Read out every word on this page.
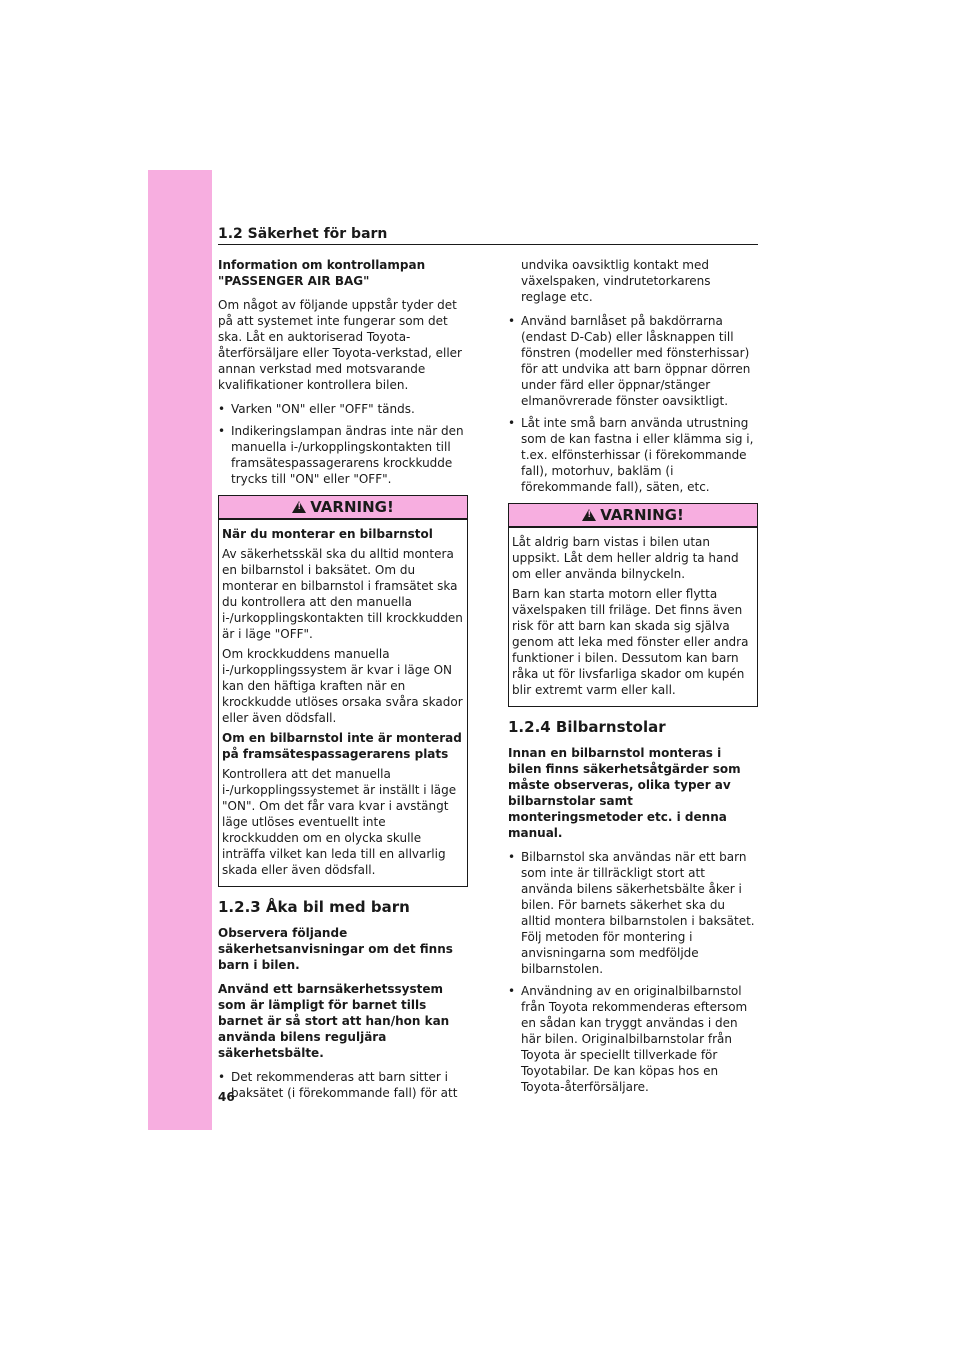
1.2 Säkerhet för barn

Information om kontrollampan "PASSENGER AIR BAG"

Om något av följande uppstår tyder det på att systemet inte fungerar som det ska. Låt en auktoriserad Toyota-återförsäljare eller Toyota-verkstad, eller annan verkstad med motsvarande kvalifikationer kontrollera bilen.

• Varken "ON" eller "OFF" tänds.
• Indikeringslampan ändras inte när den manuella i-/urkopplingskontakten till framsätespassagerarens krockkudde trycks till "ON" eller "OFF".
!
VARNING!

När du monterar en bilbarnstol

Av säkerhetsskäl ska du alltid montera en bilbarnstol i baksätet. Om du monterar en bilbarnstol i framsätet ska du kontrollera att den manuella i-/urkopplingskontakten till krockkudden är i läge "OFF".

Om krockkuddens manuella i-/urkopplingssystem är kvar i läge ON kan den häftiga kraften när en krockkudde utlöses orsaka svåra skador eller även dödsfall.

Om en bilbarnstol inte är monterad på framsätespassagerarens plats

Kontrollera att det manuella i-/urkopplingssystemet är inställt i läge "ON". Om det får vara kvar i avstängt läge utlöses eventuellt inte krockkudden om en olycka skulle inträffa vilket kan leda till en allvarlig skada eller även dödsfall.

1.2.3 Åka bil med barn

Observera följande säkerhetsanvisningar om det finns barn i bilen.

Använd ett barnsäkerhetssystem som är lämpligt för barnet tills barnet är så stort att han/hon kan använda bilens reguljära säkerhetsbälte.

• Det rekommenderas att barn sitter i baksätet (i förekommande fall) för att

undvika oavsiktlig kontakt med växelspaken, vindrutetorkarens reglage etc.

• Använd barnlåset på bakdörrarna (endast D-Cab) eller låsknappen till fönstren (modeller med fönsterhissar) för att undvika att barn öppnar dörren under färd eller öppnar/stänger elmanövrerade fönster oavsiktligt.
• Låt inte små barn använda utrustning som de kan fastna i eller klämma sig i, t.ex. elfönsterhissar (i förekommande fall), motorhuv, bakläm (i förekommande fall), säten, etc.
!
VARNING!

Låt aldrig barn vistas i bilen utan uppsikt. Låt dem heller aldrig ta hand om eller använda bilnyckeln.

Barn kan starta motorn eller flytta växelspaken till friläge. Det finns även risk för att barn kan skada sig själva genom att leka med fönster eller andra funktioner i bilen. Dessutom kan barn råka ut för livsfarliga skador om kupén blir extremt varm eller kall.

1.2.4 Bilbarnstolar

Innan en bilbarnstol monteras i bilen finns säkerhetsåtgärder som måste observeras, olika typer av bilbarnstolar samt monteringsmetoder etc. i denna manual.

• Bilbarnstol ska användas när ett barn som inte är tillräckligt stort att använda bilens säkerhetsbälte åker i bilen. För barnets säkerhet ska du alltid montera bilbarnstolen i baksätet. Följ metoden för montering i anvisningarna som medföljde bilbarnstolen.
• Användning av en originalbilbarnstol från Toyota rekommenderas eftersom en sådan kan tryggt användas i den här bilen. Originalbilbarnstolar från Toyota är speciellt tillverkade för Toyotabilar. De kan köpas hos en Toyota-återförsäljare.
46
